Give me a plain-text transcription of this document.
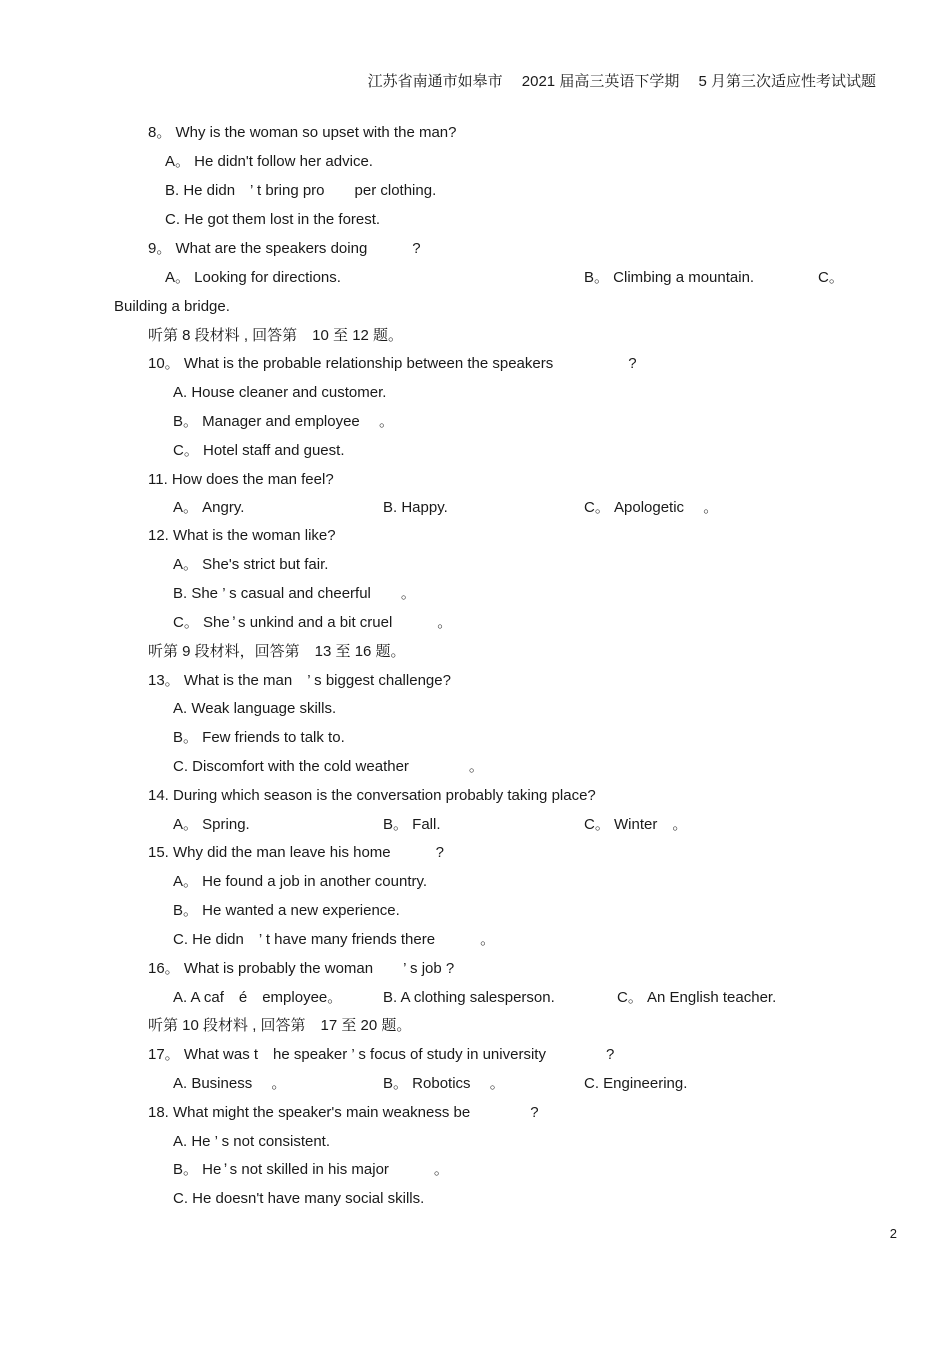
江苏省南通市如皋市　 2021 届高三英语下学期　 5 月第三次适应性考试试题
8。 Why is the woman so upset with the man?
A。 He didn't follow her advice.
B. He didn　’ t bring pro　　per clothing.
C. He got them lost in the forest.
9。 What are the speakers doing　　　?
A。 Looking for directions.	B。 Climbing a mountain.	C。
Building a bridge.
听第 8 段材料 , 回答第　10 至 12 题。
10。 What is the probable relationship between the speakers　　　　　?
A. House cleaner and customer.
B。 Manager and employee　 。
C。 Hotel staff and guest.
11. How does the man feel?
A。 Angry.	B. Happy.	C。 Apologetic　 。
12. What is the woman like?
A。 She's strict but fair.
B. She ’ s casual and cheerful　　。
C。 She ̓ s unkind and a bit cruel　　　。
听第 9 段材料，回答第　13 至 16 题。
13。 What is the man　’ s biggest challenge?
A. Weak language skills.
B。 Few friends to talk to.
C. Discomfort with the cold weather　　　　。
14. During which season is the conversation probably taking place?
A。 Spring.	B。 Fall.	C。 Winter　。
15. Why did the man leave his home　　　?
A。 He found a job in another country.
B。 He wanted a new experience.
C. He didn　’ t have many friends there　　　。
16。 What is probably the woman　　’ s job ?
A. A caf　é　employee。	B. A clothing salesperson.	C。 An English teacher.
听第 10 段材料 , 回答第　17 至 20 题。
17。 What was t　he speaker ’ s focus of study in university　　　　?
A. Business　 。	B。 Robotics　 。	C. Engineering.
18. What might the speaker's main weakness be　　　　?
A. He ’ s not consistent.
B。 He ̓ s not skilled in his major　　　。
C. He doesn't have many social skills.
2
